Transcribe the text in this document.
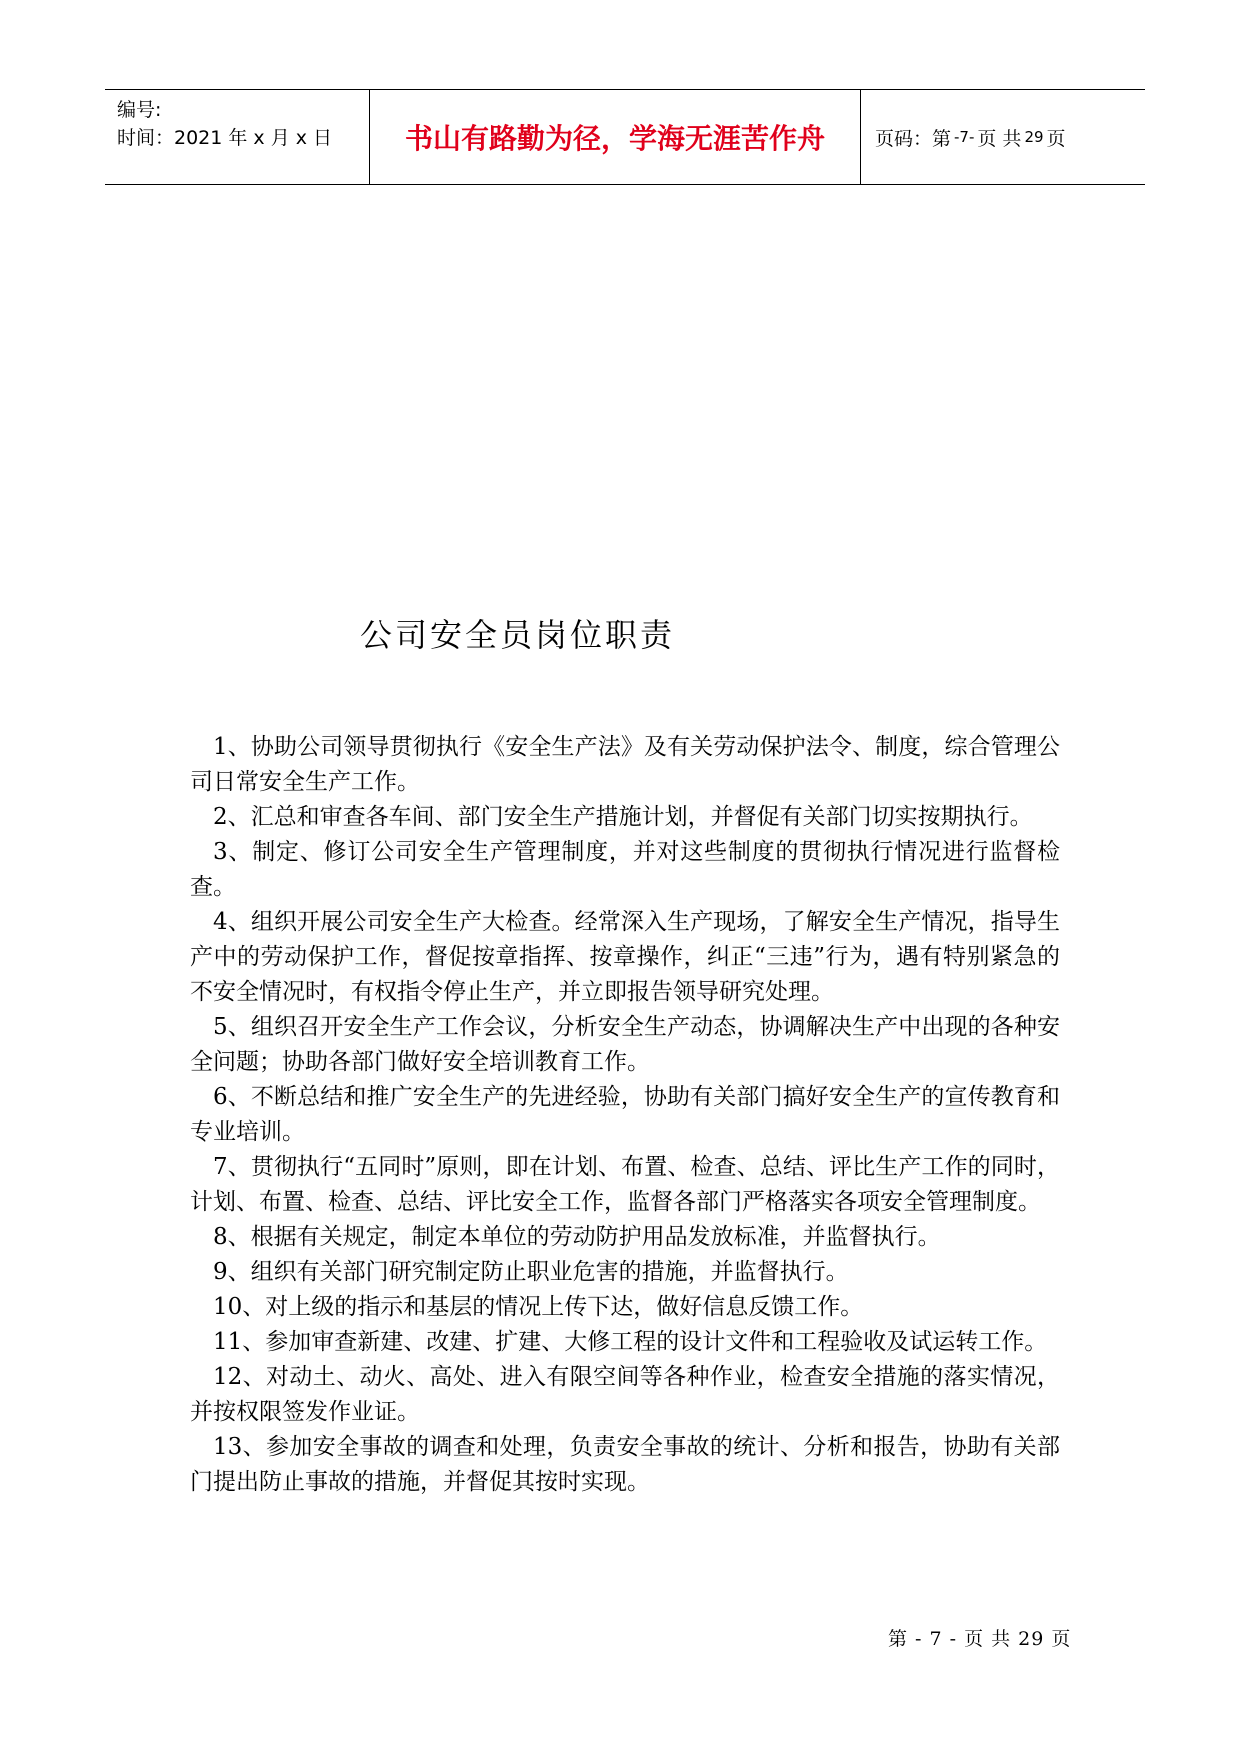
编号:
时间：2021 年 x 月 x 日	书山有路勤为径，学海无涯苦作舟	页码：第 -7- 页 共 29 页
公司安全员岗位职责

1、协助公司领导贯彻执行《安全生产法》及有关劳动保护法令、制度，综合管理公司日常安全生产工作。

2、汇总和审查各车间、部门安全生产措施计划，并督促有关部门切实按期执行。

3、制定、修订公司安全生产管理制度，并对这些制度的贯彻执行情况进行监督检查。

4、组织开展公司安全生产大检查。经常深入生产现场，了解安全生产情况，指导生产中的劳动保护工作，督促按章指挥、按章操作，纠正“三违”行为，遇有特别紧急的不安全情况时，有权指令停止生产，并立即报告领导研究处理。

5、组织召开安全生产工作会议，分析安全生产动态，协调解决生产中出现的各种安全问题；协助各部门做好安全培训教育工作。

6、不断总结和推广安全生产的先进经验，协助有关部门搞好安全生产的宣传教育和专业培训。

7、贯彻执行“五同时”原则，即在计划、布置、检查、总结、评比生产工作的同时，计划、布置、检查、总结、评比安全工作，监督各部门严格落实各项安全管理制度。

8、根据有关规定，制定本单位的劳动防护用品发放标准，并监督执行。

9、组织有关部门研究制定防止职业危害的措施，并监督执行。

10、对上级的指示和基层的情况上传下达，做好信息反馈工作。

11、参加审查新建、改建、扩建、大修工程的设计文件和工程验收及试运转工作。

12、对动土、动火、高处、进入有限空间等各种作业，检查安全措施的落实情况，并按权限签发作业证。

13、参加安全事故的调查和处理，负责安全事故的统计、分析和报告，协助有关部门提出防止事故的措施，并督促其按时实现。

第 - 7 - 页 共 29 页
